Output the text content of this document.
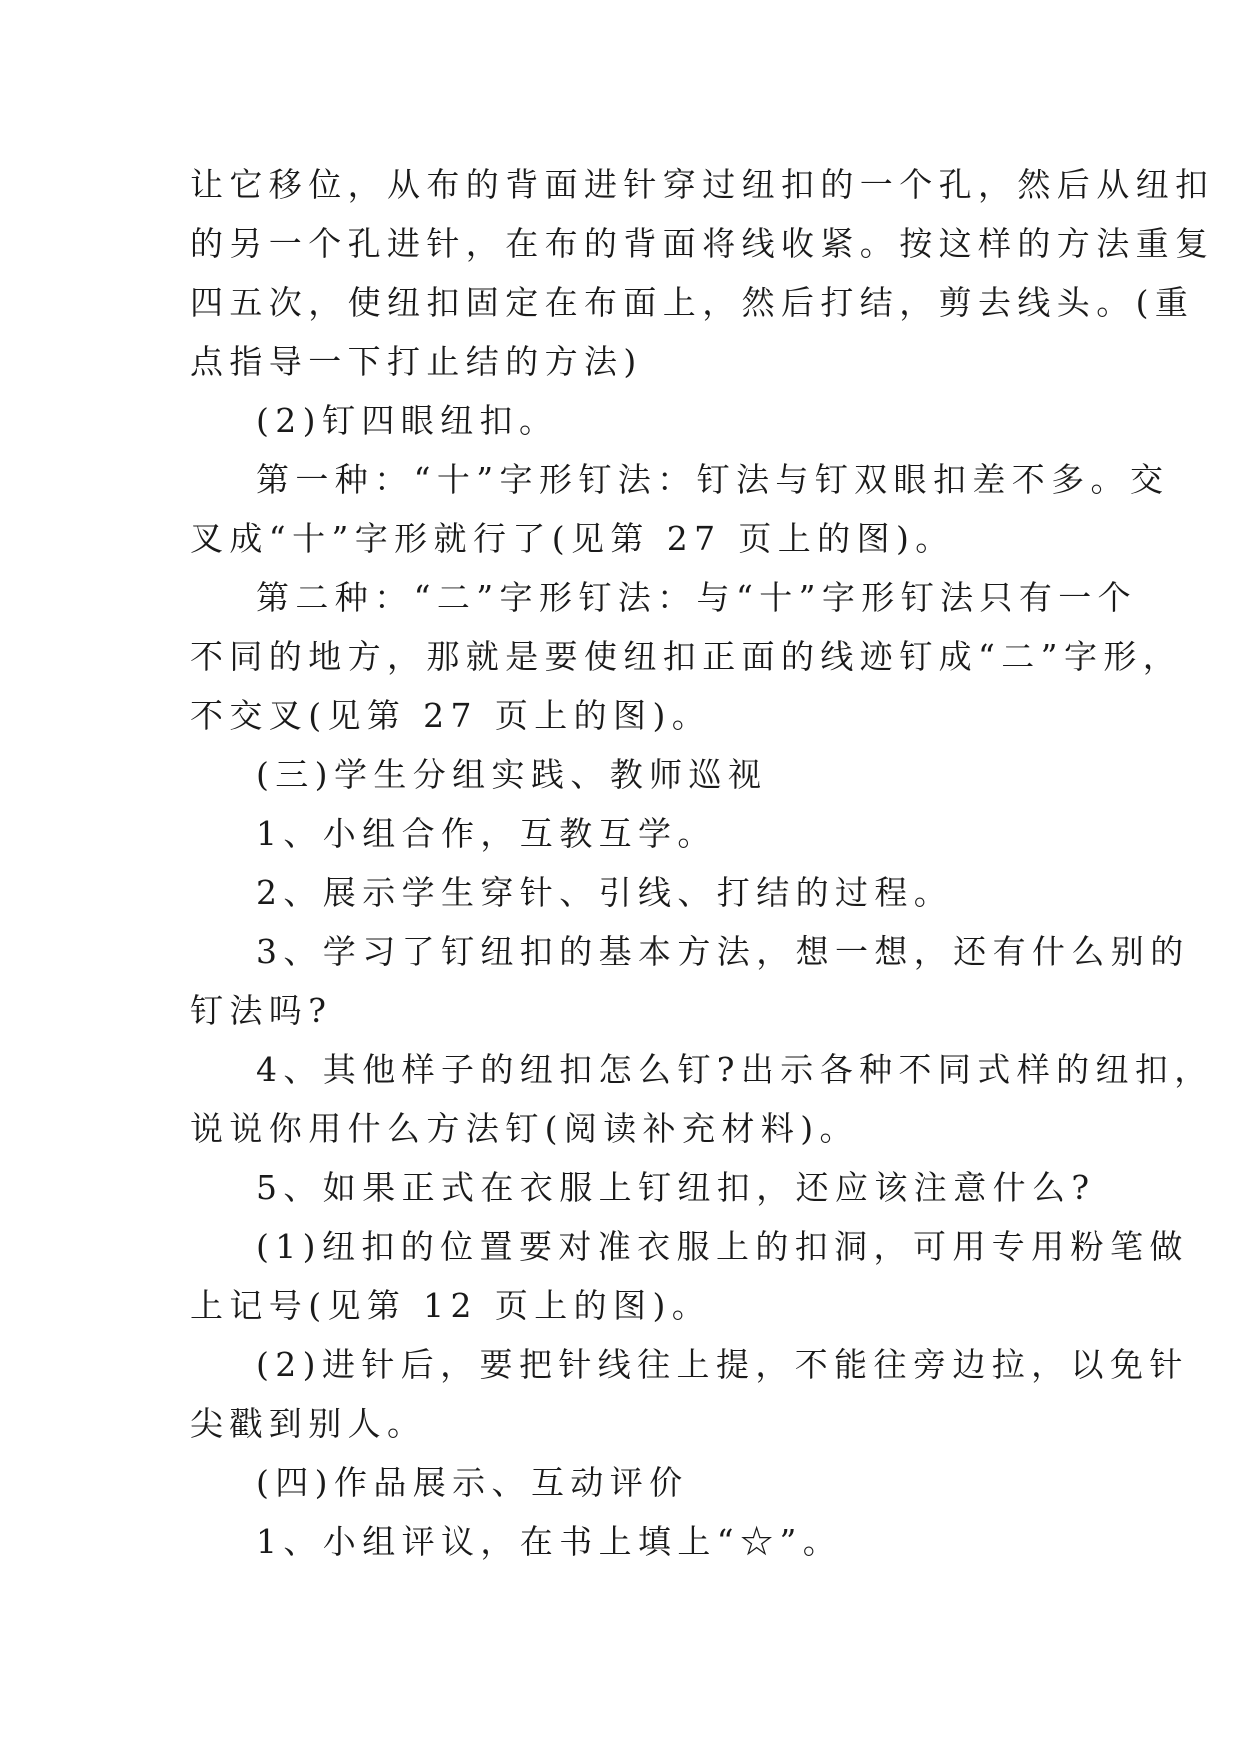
让它移位，从布的背面进针穿过纽扣的一个孔，然后从纽扣
的另一个孔进针，在布的背面将线收紧。按这样的方法重复
四五次，使纽扣固定在布面上，然后打结，剪去线头。(重
点指导一下打止结的方法)
(2)钉四眼纽扣。
第一种：“十”字形钉法：钉法与钉双眼扣差不多。交
叉成“十”字形就行了(见第 27 页上的图)。
第二种：“二”字形钉法：与“十”字形钉法只有一个
不同的地方，那就是要使纽扣正面的线迹钉成“二”字形，
不交叉(见第 27 页上的图)。
(三)学生分组实践、教师巡视
1、小组合作，互教互学。
2、展示学生穿针、引线、打结的过程。
3、学习了钉纽扣的基本方法，想一想，还有什么别的
钉法吗?
4、其他样子的纽扣怎么钉?出示各种不同式样的纽扣，
说说你用什么方法钉(阅读补充材料)。
5、如果正式在衣服上钉纽扣，还应该注意什么?
(1)纽扣的位置要对准衣服上的扣洞，可用专用粉笔做
上记号(见第 12 页上的图)。
(2)进针后，要把针线往上提，不能往旁边拉，以免针
尖戳到别人。
(四)作品展示、互动评价
1、小组评议，在书上填上“☆”。
